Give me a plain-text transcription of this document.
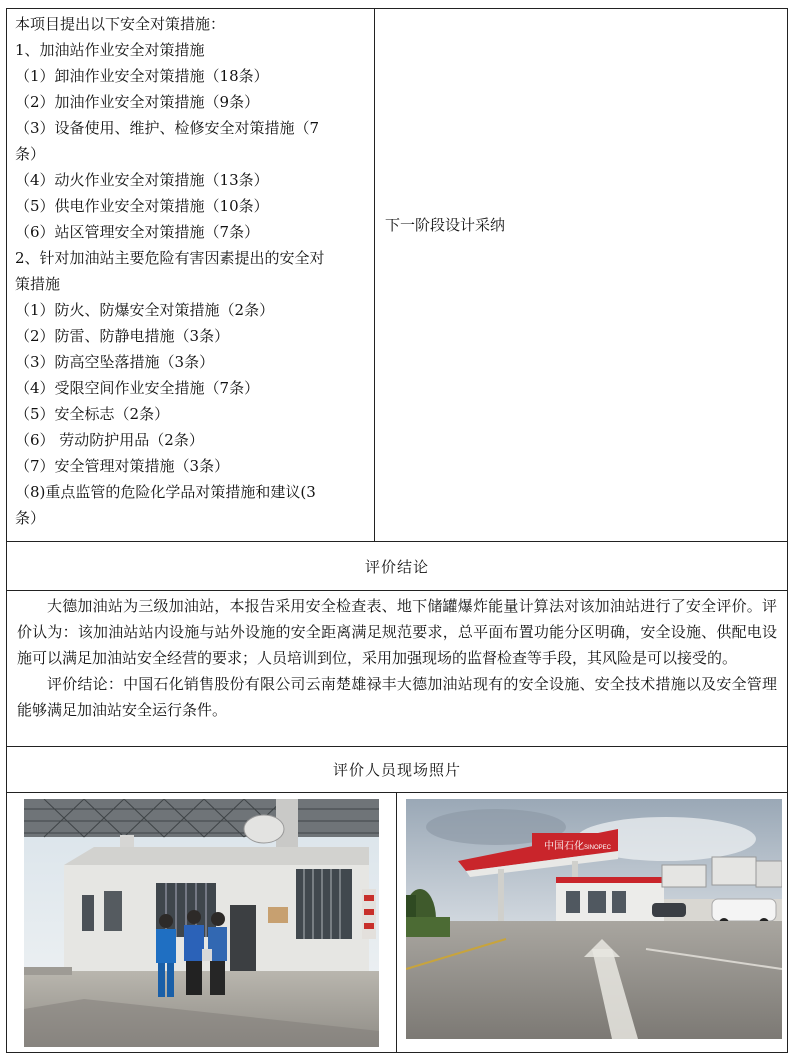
本项目提出以下安全对策措施：
1、加油站作业安全对策措施
（1）卸油作业安全对策措施（18条）
（2）加油作业安全对策措施（9条）
（3）设备使用、维护、检修安全对策措施（7
条）
（4）动火作业安全对策措施（13条）
（5）供电作业安全对策措施（10条）
（6）站区管理安全对策措施（7条）
2、针对加油站主要危险有害因素提出的安全对
策措施
（1）防火、防爆安全对策措施（2条）
（2）防雷、防静电措施（3条）
（3）防高空坠落措施（3条）
（4）受限空间作业安全措施（7条）
（5）安全标志（2条）
（6） 劳动防护用品（2条）
（7）安全管理对策措施（3条）
（8)重点监管的危险化学品对策措施和建议(3
条）
下一阶段设计采纳
评价结论

大德加油站为三级加油站，本报告采用安全检查表、地下储罐爆炸能量计算法对该加油站进行了安全评价。评价认为：该加油站站内设施与站外设施的安全距离满足规范要求，总平面布置功能分区明确，安全设施、供配电设施可以满足加油站安全经营的要求；人员培训到位，采用加强现场的监督检查等手段，其风险是可以接受的。

评价结论：中国石化销售股份有限公司云南楚雄禄丰大德加油站现有的安全设施、安全技术措施以及安全管理能够满足加油站安全运行条件。

评价人员现场照片
中国石化 SINOPEC
